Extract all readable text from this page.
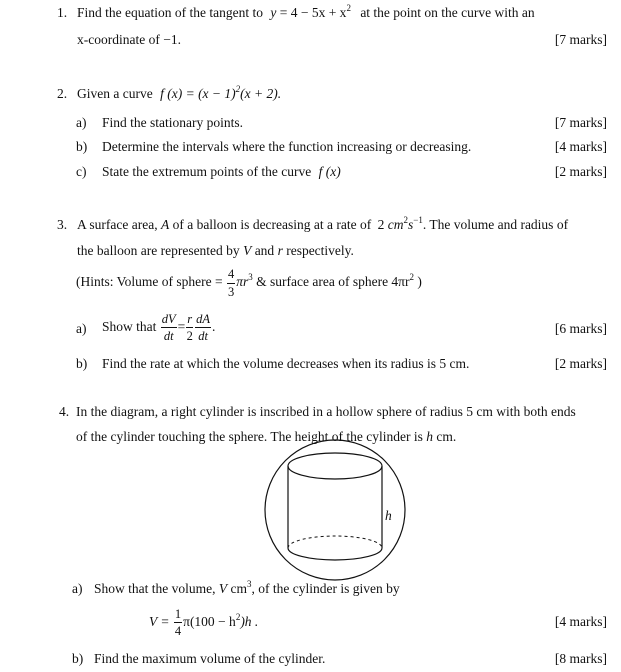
1. Find the equation of the tangent to $y = 4 - 5x + x^2$ at the point on the curve with an
x-coordinate of −1.	[7 marks]
2. Given a curve f $(x) = (x - 1)^2(x + 2)$.
a) Find the stationary points.	[7 marks]
b) Determine the intervals where the function increasing or decreasing.	[4 marks]
c) State the extremum points of the curve f (x)	[2 marks]
3. A surface area, A of a balloon is decreasing at a rate of 2 $cm^2s^{-1}$. The volume and radius of
the balloon are represented by V and r respectively.
(Hints: Volume of sphere = $\frac{4}{3} \pi r^3$ & surface area of sphere $4\pi r^2$ )
a) Show that $\frac{dV}{dt} = \frac{r}{2} \frac{dA}{dt}$ .	[6 marks]
b) Find the rate at which the volume decreases when its radius is 5 cm.	[2 marks]
4. In the diagram, a right cylinder is inscribed in a hollow sphere of radius 5 cm with both ends
of the cylinder touching the sphere. The height of the cylinder is h cm.
h
a) Show that the volume, V $cm^3$, of the cylinder is given by
$V = \frac{1}{4} \pi(100 - h^2)h$ .	[4 marks]
b) Find the maximum volume of the cylinder.	[8 marks]
